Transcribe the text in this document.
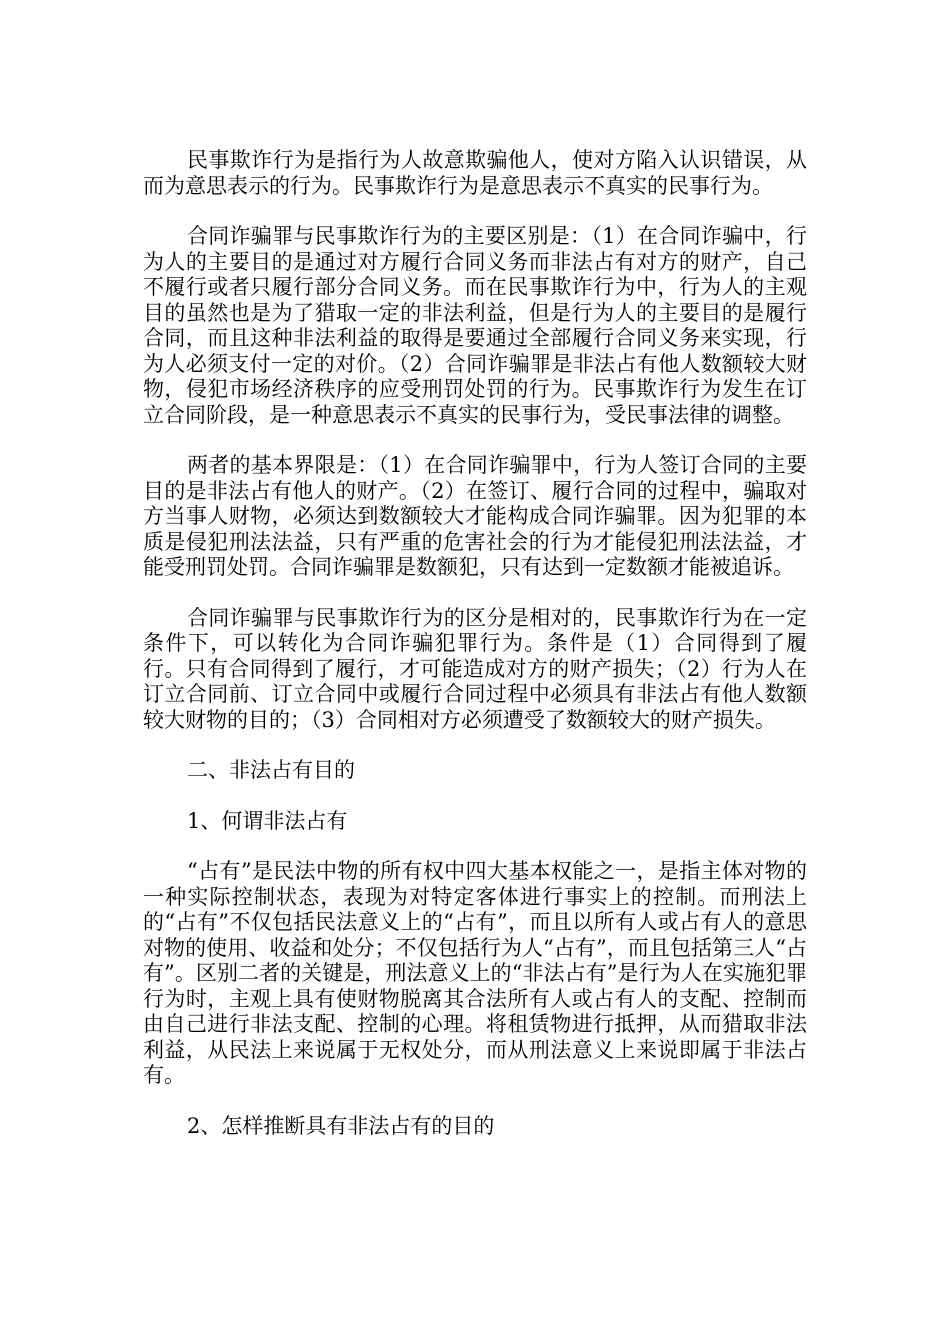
民事欺诈行为是指行为人故意欺骗他人，使对方陷入认识错误，从而为意思表示的行为。民事欺诈行为是意思表示不真实的民事行为。

合同诈骗罪与民事欺诈行为的主要区别是：（1）在合同诈骗中，行为人的主要目的是通过对方履行合同义务而非法占有对方的财产，自己不履行或者只履行部分合同义务。而在民事欺诈行为中，行为人的主观目的虽然也是为了猎取一定的非法利益，但是行为人的主要目的是履行合同，而且这种非法利益的取得是要通过全部履行合同义务来实现，行为人必须支付一定的对价。（2）合同诈骗罪是非法占有他人数额较大财物，侵犯市场经济秩序的应受刑罚处罚的行为。民事欺诈行为发生在订立合同阶段，是一种意思表示不真实的民事行为，受民事法律的调整。

两者的基本界限是：（1）在合同诈骗罪中，行为人签订合同的主要目的是非法占有他人的财产。（2）在签订、履行合同的过程中，骗取对方当事人财物，必须达到数额较大才能构成合同诈骗罪。因为犯罪的本质是侵犯刑法法益，只有严重的危害社会的行为才能侵犯刑法法益，才能受刑罚处罚。合同诈骗罪是数额犯，只有达到一定数额才能被追诉。

合同诈骗罪与民事欺诈行为的区分是相对的，民事欺诈行为在一定条件下，可以转化为合同诈骗犯罪行为。条件是（1）合同得到了履行。只有合同得到了履行，才可能造成对方的财产损失；（2）行为人在订立合同前、订立合同中或履行合同过程中必须具有非法占有他人数额较大财物的目的；（3）合同相对方必须遭受了数额较大的财产损失。

二、非法占有目的

1、何谓非法占有

“占有”是民法中物的所有权中四大基本权能之一，是指主体对物的一种实际控制状态，表现为对特定客体进行事实上的控制。而刑法上的“占有”不仅包括民法意义上的“占有”，而且以所有人或占有人的意思对物的使用、收益和处分；不仅包括行为人“占有”，而且包括第三人“占有”。区别二者的关键是，刑法意义上的“非法占有”是行为人在实施犯罪行为时，主观上具有使财物脱离其合法所有人或占有人的支配、控制而由自己进行非法支配、控制的心理。将租赁物进行抵押，从而猎取非法利益，从民法上来说属于无权处分，而从刑法意义上来说即属于非法占有。

2、怎样推断具有非法占有的目的
